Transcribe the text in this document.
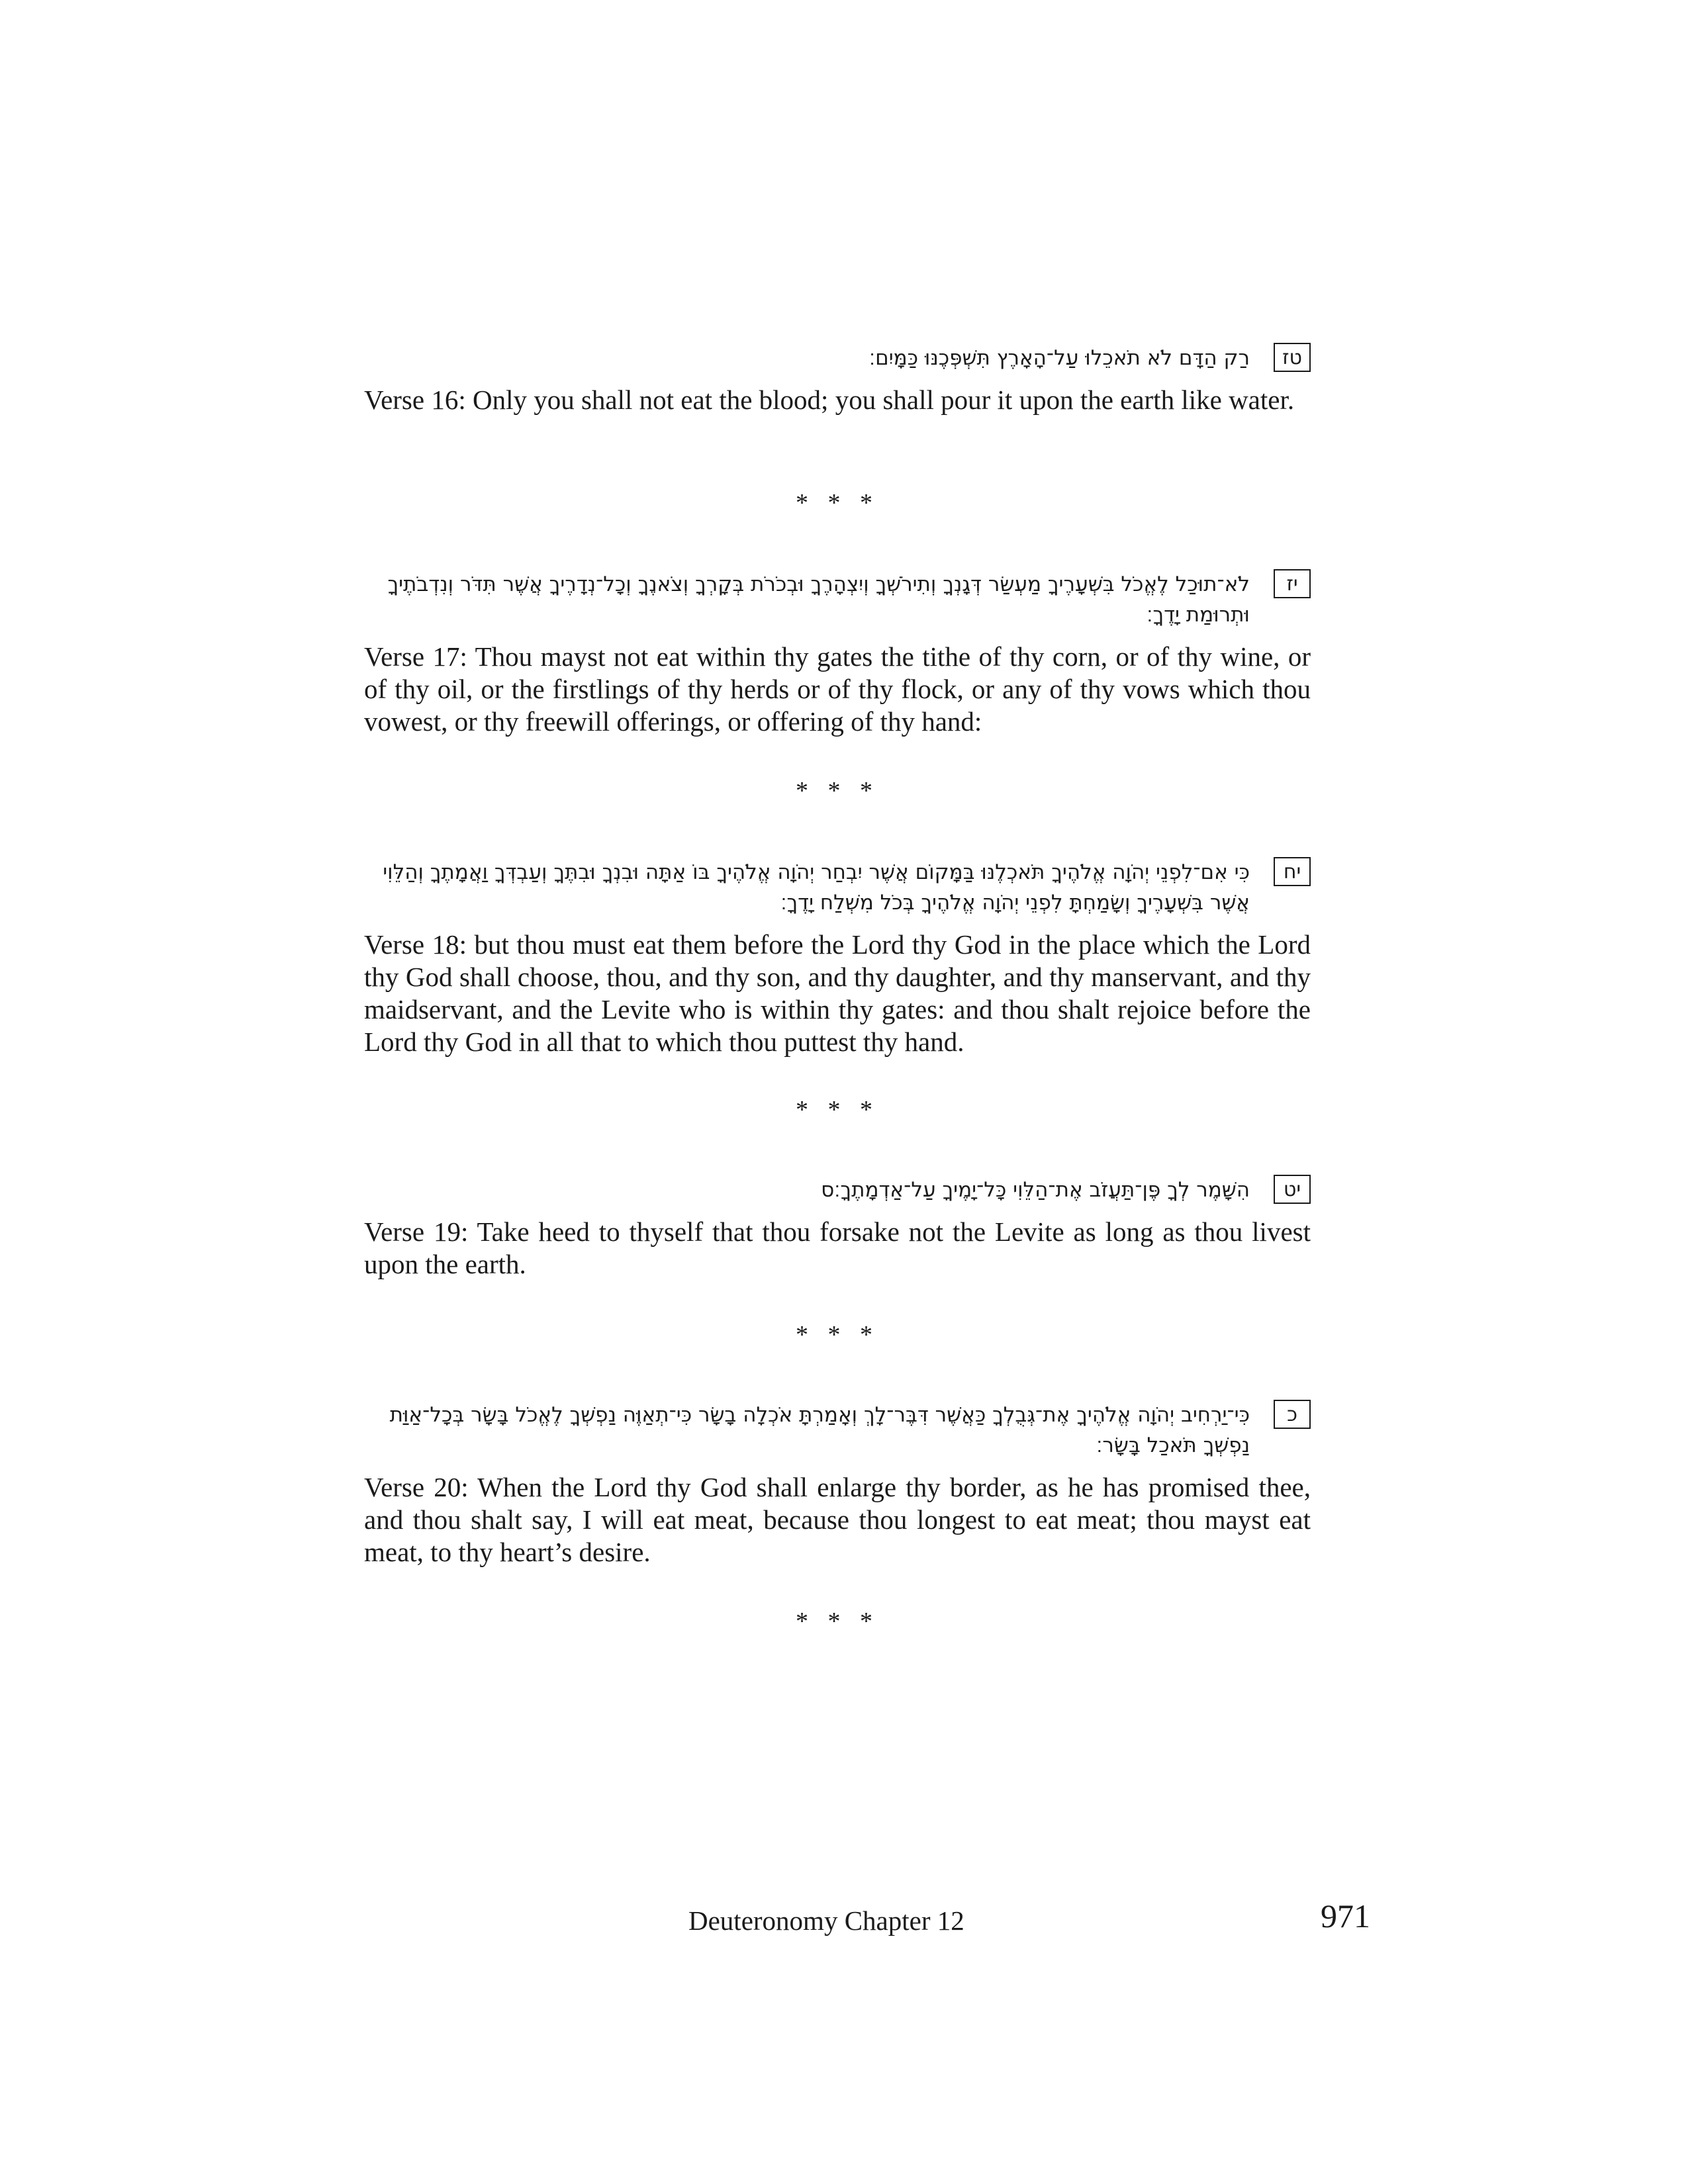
טז
רַק הַדָּם לֹא תֹאכֵלוּ עַל־הָאָרֶץ תִּשְׁפְּכֶנּוּ כַּמָּיִם׃
Verse 16: Only you shall not eat the blood; you shall pour it upon the earth like water.
* * *
יז
לֹא־תוּכַל לֶאֱכֹל בִּשְׁעָרֶיךָ מַעְשַׂר דְּגָנְךָ וְתִירֹשְׁךָ וְיִצְהָרֶךָ וּבְכֹרֹת בְּקָרְךָ וְצֹאנֶךָ וְכָל־נְדָרֶיךָ אֲשֶׁר תִּדֹּר וְנִדְבֹתֶיךָ וּתְרוּמַת יָדֶךָ׃
Verse 17: Thou mayst not eat within thy gates the tithe of thy corn, or of thy wine, or of thy oil, or the firstlings of thy herds or of thy flock, or any of thy vows which thou vowest, or thy freewill offerings, or offering of thy hand:
* * *
יח
כִּי אִם־לִפְנֵי יְהֹוָה אֱלֹהֶיךָ תֹּאכְלֶנּוּ בַּמָּקוֹם אֲשֶׁר יִבְחַר יְהֹוָה אֱלֹהֶיךָ בּוֹ אַתָּה וּבִנְךָ וּבִתֶּךָ וְעַבְדְּךָ וַאֲמָתֶךָ וְהַלֵּוִי אֲשֶׁר בִּשְׁעָרֶיךָ וְשָׂמַחְתָּ לִפְנֵי יְהֹוָה אֱלֹהֶיךָ בְּכֹל מִשְׁלַח יָדֶךָ׃
Verse 18: but thou must eat them before the Lord thy God in the place which the Lord thy God shall choose, thou, and thy son, and thy daughter, and thy manservant, and thy maidservant, and the Levite who is within thy gates: and thou shalt rejoice before the Lord thy God in all that to which thou puttest thy hand.
* * *
יט
הִשָּׁמֶר לְךָ פֶּן־תַּעֲזֹב אֶת־הַלֵּוִי כָּל־יָמֶיךָ עַל־אַדְמָתֶךָ׃ס
Verse 19: Take heed to thyself that thou forsake not the Levite as long as thou livest upon the earth.
* * *
כ
כִּי־יַרְחִיב יְהֹוָה אֱלֹהֶיךָ אֶת־גְּבֻלְךָ כַּאֲשֶׁר דִּבֶּר־לָךְ וְאָמַרְתָּ אֹכְלָה בָשָׂר כִּי־תְאַוֶּה נַפְשְׁךָ לֶאֱכֹל בָּשָׂר בְּכָל־אַוַּת נַפְשְׁךָ תֹּאכַל בָּשָׂר׃
Verse 20: When the Lord thy God shall enlarge thy border, as he has promised thee, and thou shalt say, I will eat meat, because thou longest to eat meat; thou mayst eat meat, to thy heart’s desire.
* * *
Deuteronomy Chapter 12	971
